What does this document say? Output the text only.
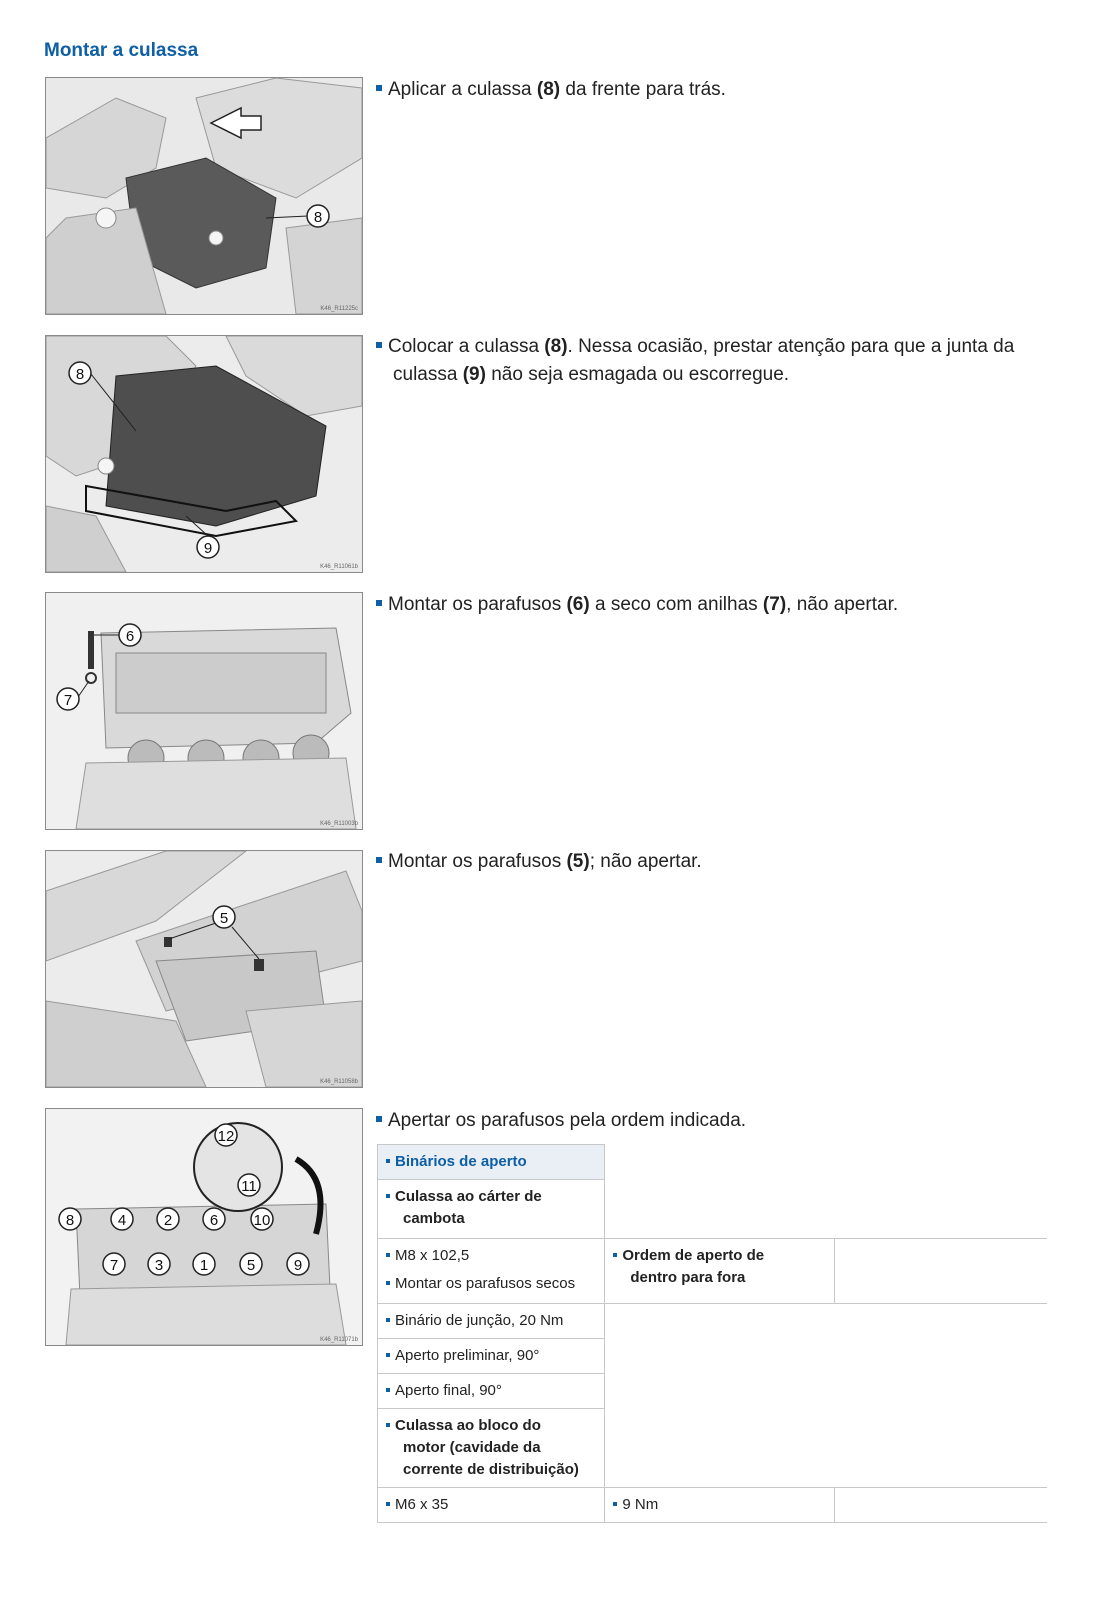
Montar a culassa
8
K46_R11225c
8
9
K46_R11061b
6
7
K46_R11003b
5
K46_R11058b
12
11
8	4	2	6 10
7 3 1	5	9
K46_R11071b
Aplicar a culassa (8) da frente para trás.
Colocar a culassa (8). Nessa ocasião, prestar atenção para que a junta da
culassa (9) não seja esmagada ou escorregue.
Montar os parafusos (6) a seco com anilhas (7), não apertar.
Montar os parafusos (5); não apertar.
Apertar os parafusos pela ordem indicada.
Binários de aperto		

Culassa ao cárter de
cambota		

M8 x 102,5
Montar os parafusos secos	Ordem de aperto de
dentro para fora	

Binário de junção, 20 Nm		
Aperto preliminar, 90°		
Aperto final, 90°		

Culassa ao bloco do
motor (cavidade da
corrente de distribuição)		

M6 x 35	9 Nm	
